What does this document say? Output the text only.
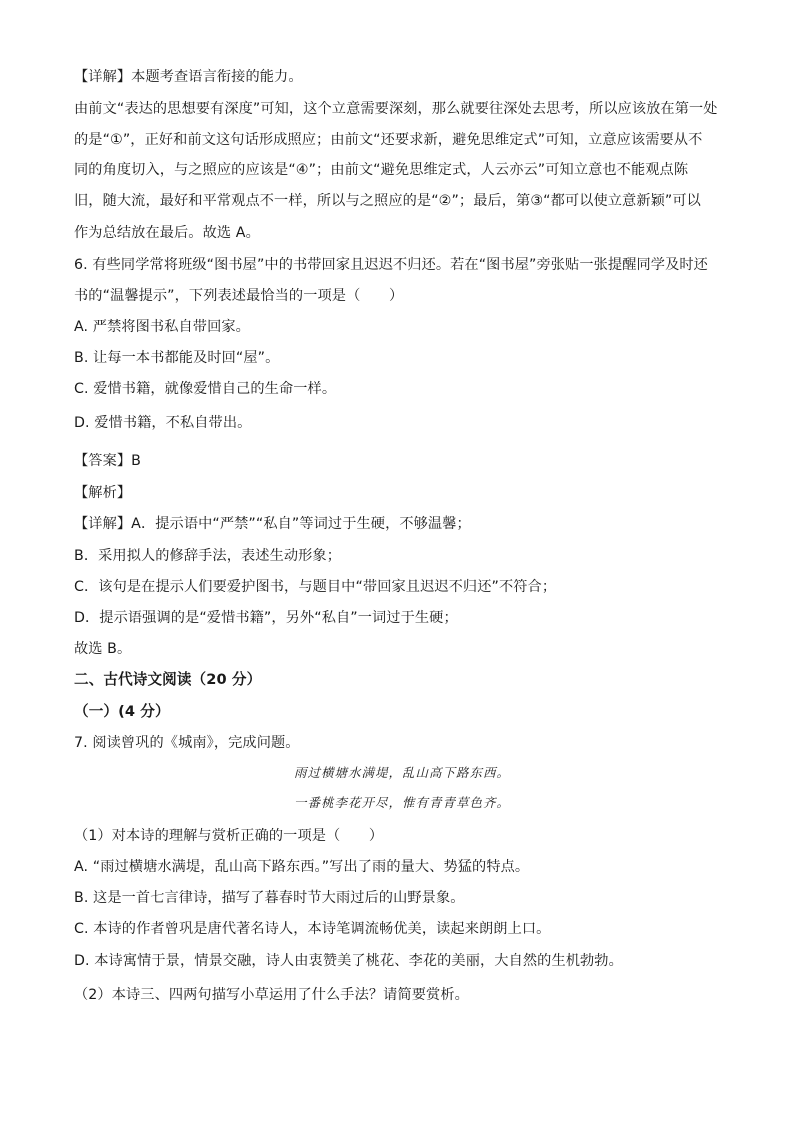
【详解】本题考查语言衔接的能力。
由前文“表达的思想要有深度”可知，这个立意需要深刻，那么就要往深处去思考，所以应该放在第一处
的是“①”，正好和前文这句话形成照应；由前文“还要求新，避免思维定式”可知，立意应该需要从不
同的角度切入，与之照应的应该是“④”；由前文“避免思维定式，人云亦云”可知立意也不能观点陈
旧，随大流，最好和平常观点不一样，所以与之照应的是“②”；最后，第③“都可以使立意新颖”可以
作为总结放在最后。故选 A。
6. 有些同学常将班级“图书屋”中的书带回家且迟迟不归还。若在“图书屋”旁张贴一张提醒同学及时还
书的“温馨提示”，下列表述最恰当的一项是（　　）
A. 严禁将图书私自带回家。
B. 让每一本书都能及时回“屋”。
C. 爱惜书籍，就像爱惜自己的生命一样。
D. 爱惜书籍，不私自带出。
【答案】B
【解析】
【详解】A．提示语中“严禁”“私自”等词过于生硬，不够温馨；
B．采用拟人的修辞手法，表述生动形象；
C．该句是在提示人们要爱护图书，与题目中“带回家且迟迟不归还”不符合；
D．提示语强调的是“爱惜书籍”，另外“私自”一词过于生硬；
故选 B。
二、古代诗文阅读（20 分）
（一）(4 分）
7. 阅读曾巩的《城南》，完成问题。
雨过横塘水满堤，乱山高下路东西。
一番桃李花开尽，惟有青青草色齐。
（1）对本诗的理解与赏析正确的一项是（　　）
A. “雨过横塘水满堤，乱山高下路东西。”写出了雨的量大、势猛的特点。
B. 这是一首七言律诗，描写了暮春时节大雨过后的山野景象。
C. 本诗的作者曾巩是唐代著名诗人，本诗笔调流畅优美，读起来朗朗上口。
D. 本诗寓情于景，情景交融，诗人由衷赞美了桃花、李花的美丽，大自然的生机勃勃。
（2）本诗三、四两句描写小草运用了什么手法？请简要赏析。
